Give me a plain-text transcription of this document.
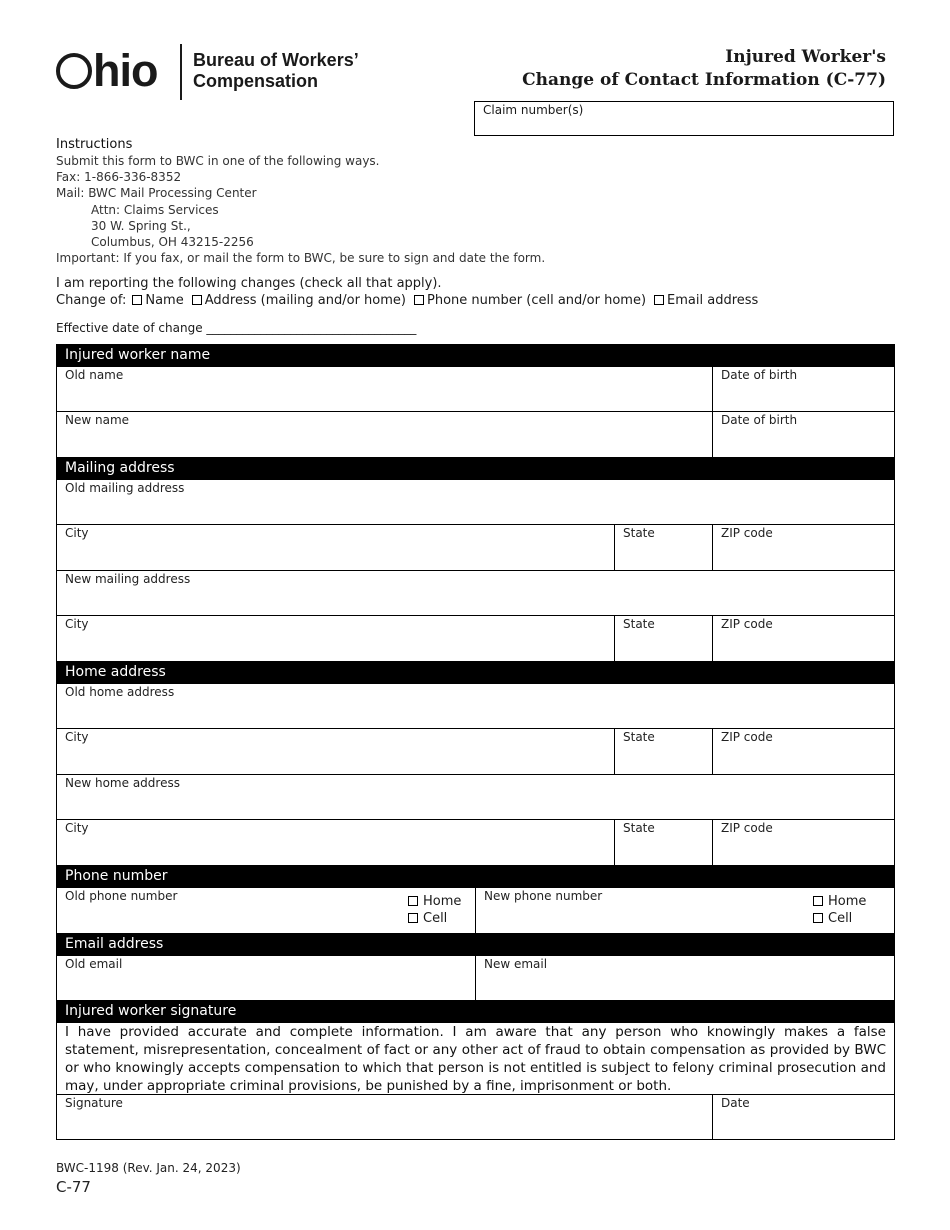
hio Bureau of Workers’
Compensation
Injured Worker's
Change of Contact Information (C-77)
Claim number(s)
Instructions
Submit this form to BWC in one of the following ways.
Fax: 1-866-336-8352
Mail: BWC Mail Processing Center
Attn: Claims Services
30 W. Spring St.,
Columbus, OH 43215-2256
Important: If you fax, or mail the form to BWC, be sure to sign and date the form.
I am reporting the following changes (check all that apply).
Change of: Name Address (mailing and/or home) Phone number (cell and/or home) Email address
Effective date of change ___________________________________
Injured worker name
Old name	Date of birth
New name	Date of birth
Mailing address
Old mailing address
City	State	ZIP code
New mailing address
City	State	ZIP code
Home address
Old home address
City	State	ZIP code
New home address
City	State	ZIP code
Phone number
Old phone number	Home
Cell
New phone number	Home
Cell
Email address
Old email	New email
Injured worker signature
I have provided accurate and complete information. I am aware that any person who knowingly makes a false statement, misrepresentation, concealment of fact or any other act of fraud to obtain compensation as provided by BWC or who knowingly accepts compensation to which that person is not entitled is subject to felony criminal prosecution and may, under appropriate criminal provisions, be punished by a fine, imprisonment or both.
Signature	Date
BWC-1198 (Rev. Jan. 24, 2023)
C-77
